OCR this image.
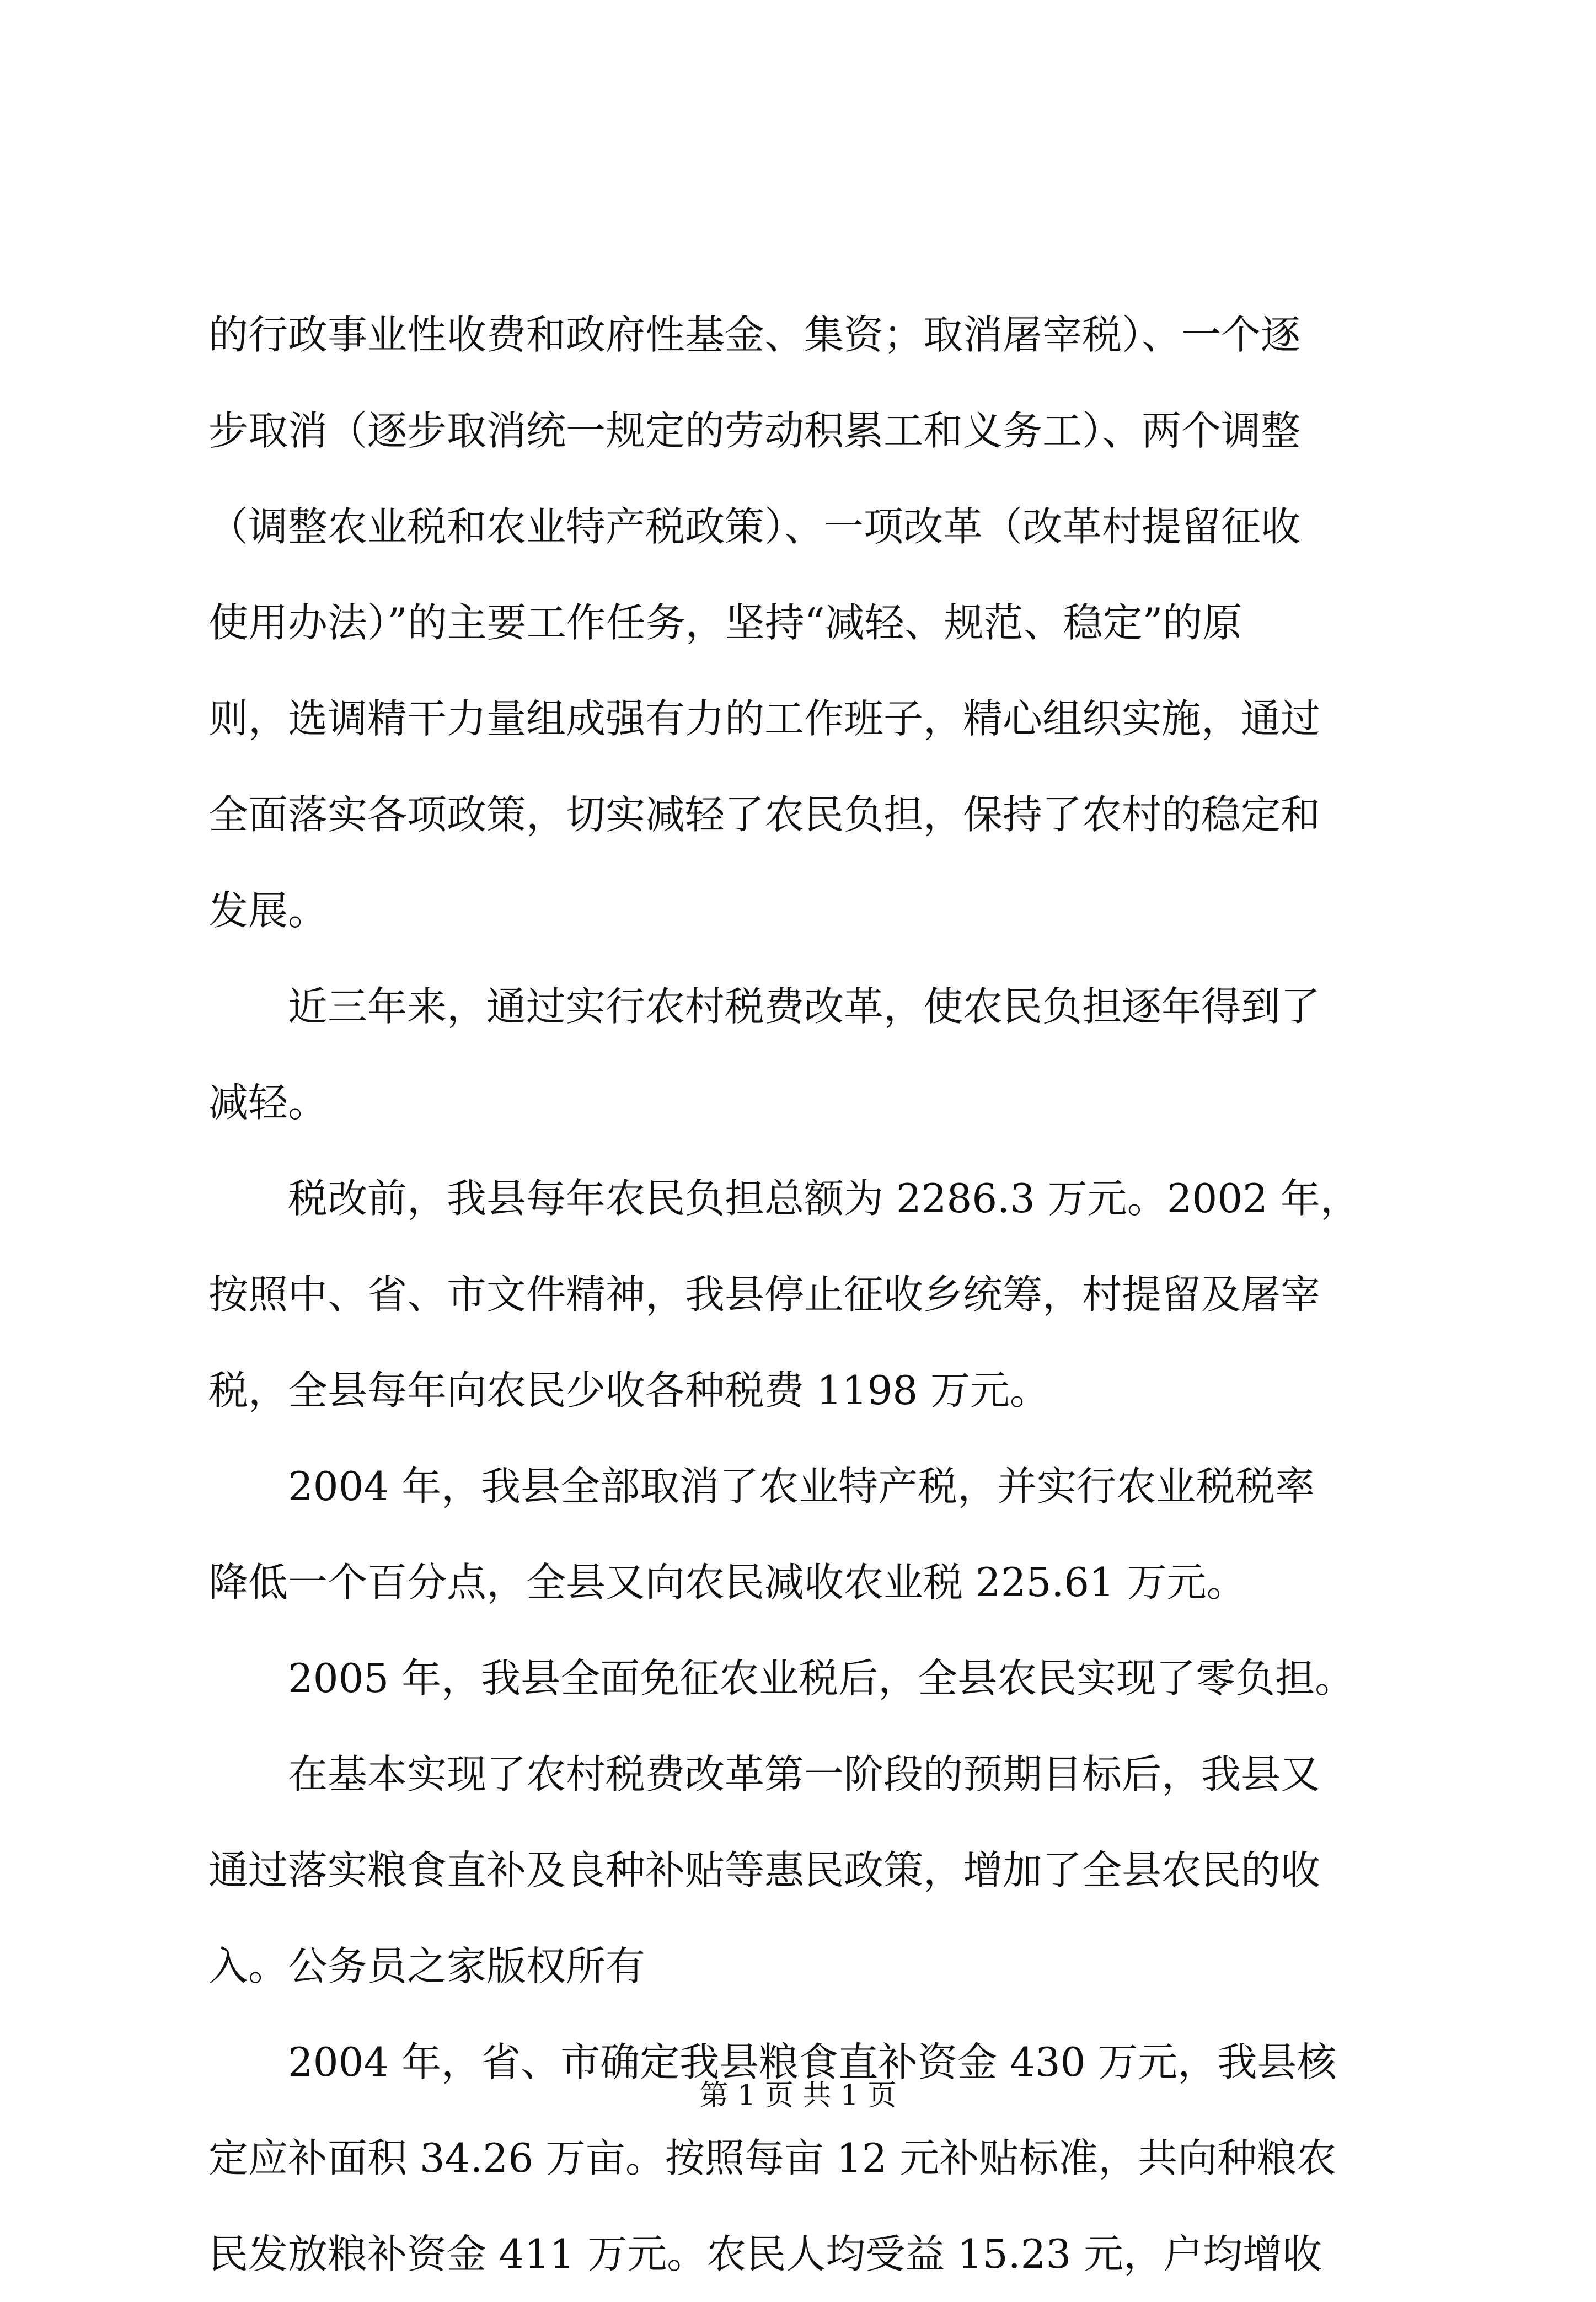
的行政事业性收费和政府性基金、集资；取消屠宰税）、一个逐
步取消（逐步取消统一规定的劳动积累工和义务工）、两个调整
（调整农业税和农业特产税政策）、一项改革（改革村提留征收
使用办法）”的主要工作任务，坚持“减轻、规范、稳定”的原
则，选调精干力量组成强有力的工作班子，精心组织实施，通过
全面落实各项政策，切实减轻了农民负担，保持了农村的稳定和
发展。
　　近三年来，通过实行农村税费改革，使农民负担逐年得到了
减轻。
　　税改前，我县每年农民负担总额为 2286.3 万元。2002 年，
按照中、省、市文件精神，我县停止征收乡统筹，村提留及屠宰
税，全县每年向农民少收各种税费 1198 万元。
　　2004 年，我县全部取消了农业特产税，并实行农业税税率
降低一个百分点，全县又向农民减收农业税 225.61 万元。
　　2005 年，我县全面免征农业税后，全县农民实现了零负担。
　　在基本实现了农村税费改革第一阶段的预期目标后，我县又
通过落实粮食直补及良种补贴等惠民政策，增加了全县农民的收
入。公务员之家版权所有
　　2004 年，省、市确定我县粮食直补资金 430 万元，我县核
定应补面积 34.26 万亩。按照每亩 12 元补贴标准，共向种粮农
民发放粮补资金 411 万元。农民人均受益 15.23 元，户均增收
第 1 页 共 1 页
